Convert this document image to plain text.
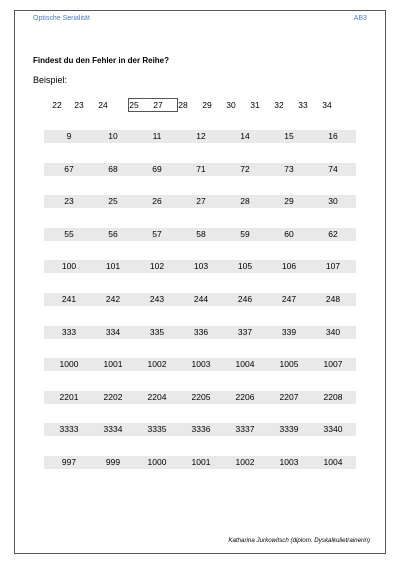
Optische Serialität	AB3
Findest du den Fehler in der Reihe?
Beispiel:
22	23	24	25	27	28	29	30	31	32	33	34
9	10	11	12	14	15	16
67	68	69	71	72	73	74
23	25	26	27	28	29	30
55	56	57	58	59	60	62
100	101	102	103	105	106	107
241	242	243	244	246	247	248
333	334	335	336	337	339	340
1000	1001	1002	1003	1004	1005	1007
2201	2202	2204	2205	2206	2207	2208
3333	3334	3335	3336	3337	3339	3340
997	999	1000	1001	1002	1003	1004
Katharina Jurkowitsch (diplom. Dyskalkulietrainerin)
